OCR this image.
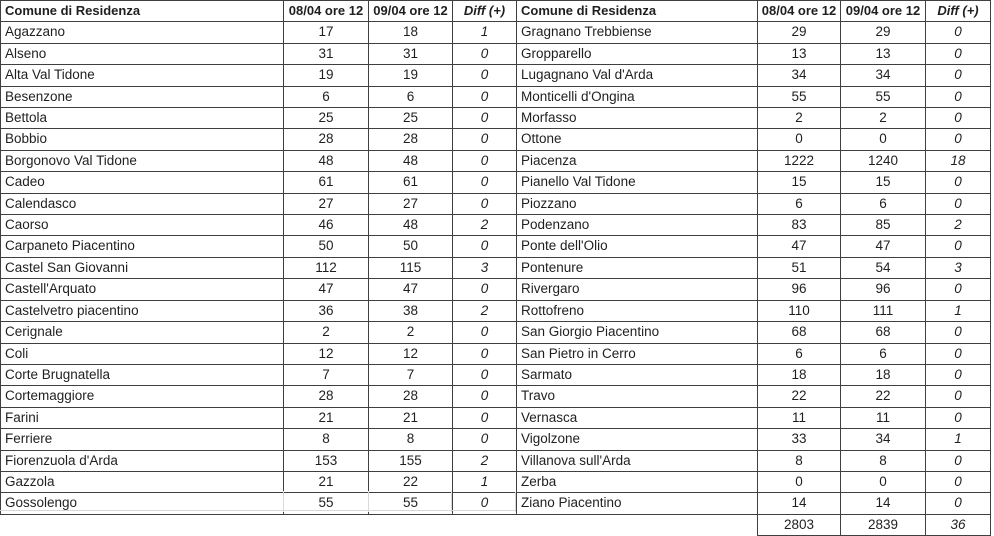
Comune di Residenza	08/04 ore 12	09/04 ore 12	Diff (+)
Agazzano	17	18	1
Alseno	31	31	0
Alta Val Tidone	19	19	0
Besenzone	6	6	0
Bettola	25	25	0
Bobbio	28	28	0
Borgonovo Val Tidone	48	48	0
Cadeo	61	61	0
Calendasco	27	27	0
Caorso	46	48	2
Carpaneto Piacentino	50	50	0
Castel San Giovanni	112	115	3
Castell'Arquato	47	47	0
Castelvetro piacentino	36	38	2
Cerignale	2	2	0
Coli	12	12	0
Corte Brugnatella	7	7	0
Cortemaggiore	28	28	0
Farini	21	21	0
Ferriere	8	8	0
Fiorenzuola d'Arda	153	155	2
Gazzola	21	22	1
Gossolengo	55	55	0
Comune di Residenza	08/04 ore 12	09/04 ore 12	Diff (+)
Gragnano Trebbiense	29	29	0
Gropparello	13	13	0
Lugagnano Val d'Arda	34	34	0
Monticelli d'Ongina	55	55	0
Morfasso	2	2	0
Ottone	0	0	0
Piacenza	1222	1240	18
Pianello Val Tidone	15	15	0
Piozzano	6	6	0
Podenzano	83	85	2
Ponte dell'Olio	47	47	0
Pontenure	51	54	3
Rivergaro	96	96	0
Rottofreno	110	111	1
San Giorgio Piacentino	68	68	0
San Pietro in Cerro	6	6	0
Sarmato	18	18	0
Travo	22	22	0
Vernasca	11	11	0
Vigolzone	33	34	1
Villanova sull'Arda	8	8	0
Zerba	0	0	0
Ziano Piacentino	14	14	0
	2803	2839	36
